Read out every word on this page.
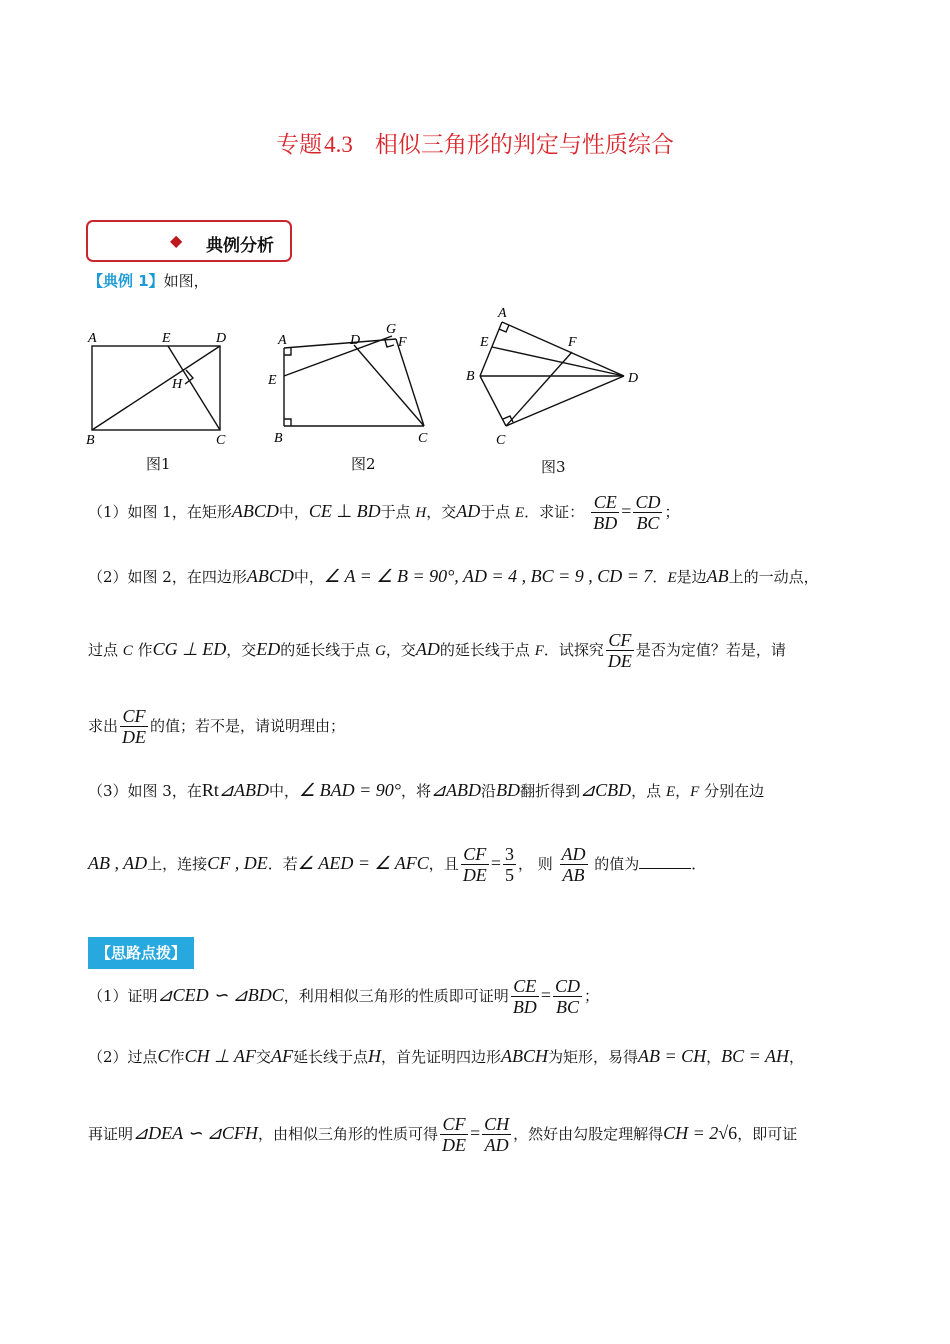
专题4.3 相似三角形的判定与性质综合
◆ 典例分析
【典例 1】如图，
A	E	D
H
B	C
图1
A	D
G
F
E
B	C
图2
A
E	F
B	D
C
图3
（1）如图 1，在矩形ABCD中，CE ⊥ BD于点 H，交AD于点 E．求证： $\frac{CE}{BD} = \frac{CD}{BC}$ ；
（2）如图 2，在四边形ABCD中，∠ A = ∠ B = 90°, AD = 4 , BC = 9 , CD = 7．E是边AB上的一动点，
过点 C 作CG ⊥ ED，交ED的延长线于点 G，交AD的延长线于点 F．试探究 $\frac{CF}{DE}$ 是否为定值？若是，请
求出 $\frac{CF}{DE}$ 的值；若不是，请说明理由；
（3）如图 3，在Rt⊿ABD中，∠ BAD = 90°，将⊿ABD沿BD翻折得到⊿CBD，点 E，F 分别在边
AB , AD上，连接CF , DE．若∠ AED = ∠ AFC，且 $\frac{CF}{DE} = \frac{3}{5}$ ， 则 $\frac{AD}{AB}$ 的值为	．
【思路点拨】
（1）证明⊿CED ∽ ⊿BDC，利用相似三角形的性质即可证明 $\frac{CE}{BD} = \frac{CD}{BC}$ ；
（2）过点C作CH ⊥ AF交AF延长线于点H，首先证明四边形ABCH为矩形，易得AB = CH，BC = AH，
再证明⊿DEA ∽ ⊿CFH，由相似三角形的性质可得 $\frac{CF}{DE} = \frac{CH}{AD}$ ，然好由勾股定理解得CH = 2√6，即可证
